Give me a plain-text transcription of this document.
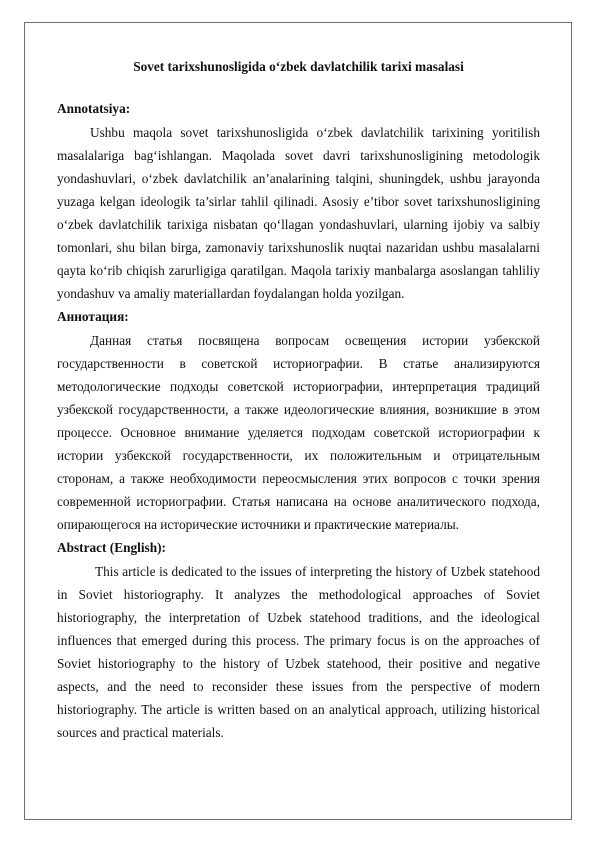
Sovet tarixshunosligida o‘zbek davlatchilik tarixi masalasi
Annotatsiya:
Ushbu maqola sovet tarixshunosligida o‘zbek davlatchilik tarixining yoritilish masalalariga bag‘ishlangan. Maqolada sovet davri tarixshunosligining metodologik yondashuvlari, o‘zbek davlatchilik an’analarining talqini, shuningdek, ushbu jarayonda yuzaga kelgan ideologik ta’sirlar tahlil qilinadi. Asosiy e’tibor sovet tarixshunosligining o‘zbek davlatchilik tarixiga nisbatan qo‘llagan yondashuvlari, ularning ijobiy va salbiy tomonlari, shu bilan birga, zamonaviy tarixshunoslik nuqtai nazaridan ushbu masalalarni qayta ko‘rib chiqish zarurligiga qaratilgan. Maqola tarixiy manbalarga asoslangan tahliliy yondashuv va amaliy materiallardan foydalangan holda yozilgan.
Аннотация:
Данная статья посвящена вопросам освещения истории узбекской государственности в советской историографии. В статье анализируются методологические подходы советской историографии, интерпретация традиций узбекской государственности, а также идеологические влияния, возникшие в этом процессе. Основное внимание уделяется подходам советской историографии к истории узбекской государственности, их положительным и отрицательным сторонам, а также необходимости переосмысления этих вопросов с точки зрения современной историографии. Статья написана на основе аналитического подхода, опирающегося на исторические источники и практические материалы.
Abstract (English):
This article is dedicated to the issues of interpreting the history of Uzbek statehood in Soviet historiography. It analyzes the methodological approaches of Soviet historiography, the interpretation of Uzbek statehood traditions, and the ideological influences that emerged during this process. The primary focus is on the approaches of Soviet historiography to the history of Uzbek statehood, their positive and negative aspects, and the need to reconsider these issues from the perspective of modern historiography. The article is written based on an analytical approach, utilizing historical sources and practical materials.
